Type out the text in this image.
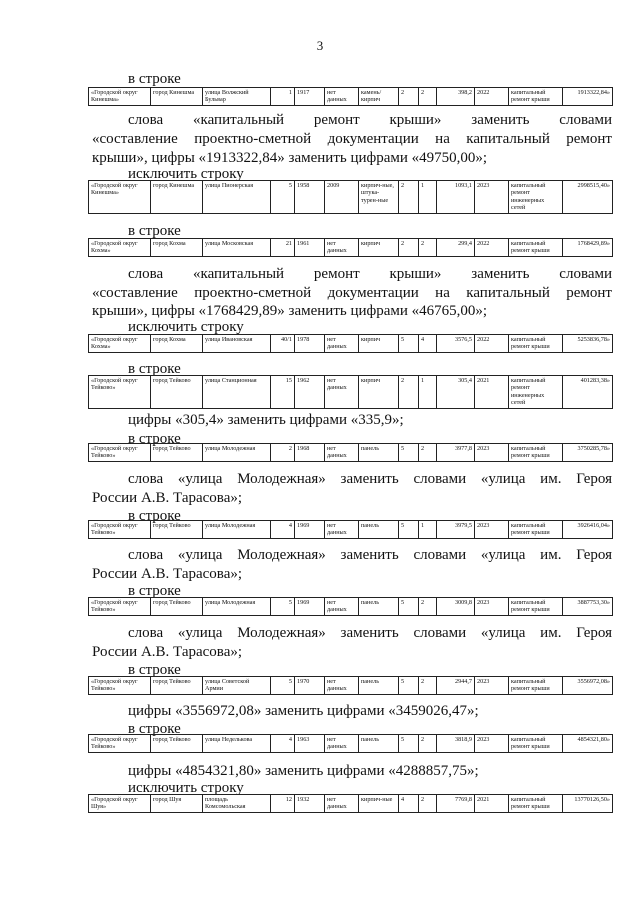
3
в строке
«Городской округ Кинешма»	город Кинешма	улица Волжский Бульвар	1	1917	нет данных	камень/ кирпич	2	2	398,2	2022	капитальный ремонт крыши	1913322,84»
слова «капитальный ремонт крыши» заменить словами
«составление проектно-сметной документации на капитальный ремонт
крыши», цифры «1913322,84» заменить цифрами «49750,00»;
исключить строку
«Городской округ Кинешма»	город Кинешма	улица Пионерская	5	1958	2009	кирпич-ные, штука-турен-ные	2	1	1093,1	2023	капитальный ремонт инженерных сетей	2998515,40»
в строке
«Городской округ Кохма»	город Кохма	улица Московская	21	1961	нет данных	кирпич	2	2	299,4	2022	капитальный ремонт крыши	1768429,89»
слова «капитальный ремонт крыши» заменить словами
«составление проектно-сметной документации на капитальный ремонт
крыши», цифры «1768429,89» заменить цифрами «46765,00»;
исключить строку
«Городской округ Кохма»	город Кохма	улица Ивановская	40/1	1978	нет данных	кирпич	5	4	3576,5	2022	капитальный ремонт крыши	5253836,78»
в строке
«Городской округ Тейково»	город Тейково	улица Станционная	15	1962	нет данных	кирпич	2	1	305,4	2021	капитальный ремонт инженерных сетей	401283,38»
цифры «305,4» заменить цифрами «335,9»;
в строке
«Городской округ Тейково»	город Тейково	улица Молодежная	2	1968	нет данных	панель	5	2	3977,8	2023	капитальный ремонт крыши	3750285,78»
слова «улица Молодежная» заменить словами «улица им. Героя
России А.В. Тарасова»;
в строке
«Городской округ Тейково»	город Тейково	улица Молодежная	4	1969	нет данных	панель	5	1	3979,5	2023	капитальный ремонт крыши	3926416,04»
слова «улица Молодежная» заменить словами «улица им. Героя
России А.В. Тарасова»;
в строке
«Городской округ Тейково»	город Тейково	улица Молодежная	5	1969	нет данных	панель	5	2	3009,8	2023	капитальный ремонт крыши	3887753,30»
слова «улица Молодежная» заменить словами «улица им. Героя
России А.В. Тарасова»;
в строке
«Городской округ Тейково»	город Тейково	улица Советской Армии	5	1970	нет данных	панель	5	2	2944,7	2023	капитальный ремонт крыши	3556972,08»
цифры «3556972,08» заменить цифрами «3459026,47»;
в строке
«Городской округ Тейково»	город Тейково	улица Неделькова	4	1963	нет данных	панель	5	2	3818,9	2023	капитальный ремонт крыши	4854321,80»
цифры «4854321,80» заменить цифрами «4288857,75»;
исключить строку
«Городской округ Шуя»	город Шуя	площадь Комсомольская	12	1932	нет данных	кирпич-ные	4	2	7769,8	2021	капитальный ремонт крыши	13770126,50»
